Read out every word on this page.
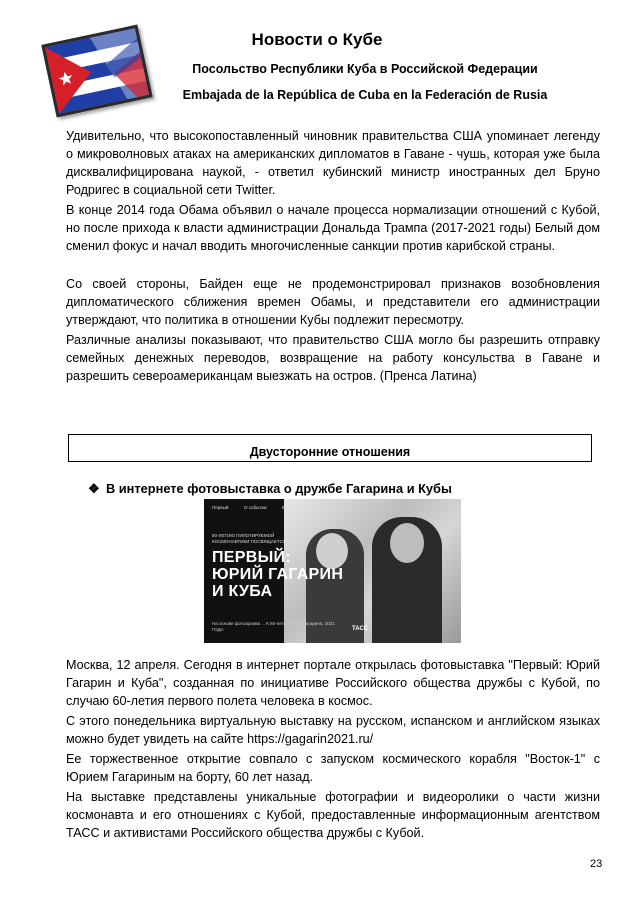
Новости о Кубе
Посольство Республики Куба в Российской Федерации
Embajada de la República de Cuba en la Federación de Rusia

Удивительно, что высокопоставленный чиновник правительства США упоминает легенду о микроволновых атаках на американских дипломатов в Гаване - чушь, которая уже была дисквалифицирована наукой, - ответил кубинский министр иностранных дел Бруно Родригес в социальной сети Twitter.

В конце 2014 года Обама объявил о начале процесса нормализации отношений с Кубой, но после прихода к власти администрации Дональда Трампа (2017-2021 годы) Белый дом сменил фокус и начал вводить многочисленные санкции против карибской страны.

Со своей стороны, Байден еще не продемонстрировал признаков возобновления дипломатического сближения времен Обамы, и представители его администрации утверждают, что политика в отношении Кубы подлежит пересмотру.

Различные анализы показывают, что правительство США могло бы разрешить отправку семейных денежных переводов, возвращение на работу консульства в Гаване и разрешить североамериканцам выезжать на остров. (Пренса Латина)

Двусторонние отношения
❖ В интернете фотовыставка о дружбе Гагарина и Кубы
Первый	О событии	Выставка
60-ЛЕТИЮ ПИЛОТИРУЕМОЙ КОСМОНАВТИКИ ПОСВЯЩАЕТСЯ
ПЕРВЫЙ:
ЮРИЙ ГАГАРИН
И КУБА
На основе фотоархива ... К 60-летию Ю. А. Гагарина, 2021 ГОДА	ТАСС

Москва, 12 апреля. Сегодня в интернет портале открылась фотовыставка "Первый: Юрий Гагарин и Куба", созданная по инициативе Российского общества дружбы с Кубой, по случаю 60-летия первого полета человека в космос.

С этого понедельника виртуальную выставку на русском, испанском и английском языках можно будет увидеть на сайте https://gagarin2021.ru/

Ее торжественное открытие совпало с запуском космического корабля "Восток-1" с Юрием Гагариным на борту, 60 лет назад.

На выставке представлены уникальные фотографии и видеоролики о части жизни космонавта и его отношениях с Кубой, предоставленные информационным агентством ТАСС и активистами Российского общества дружбы с Кубой.

23
